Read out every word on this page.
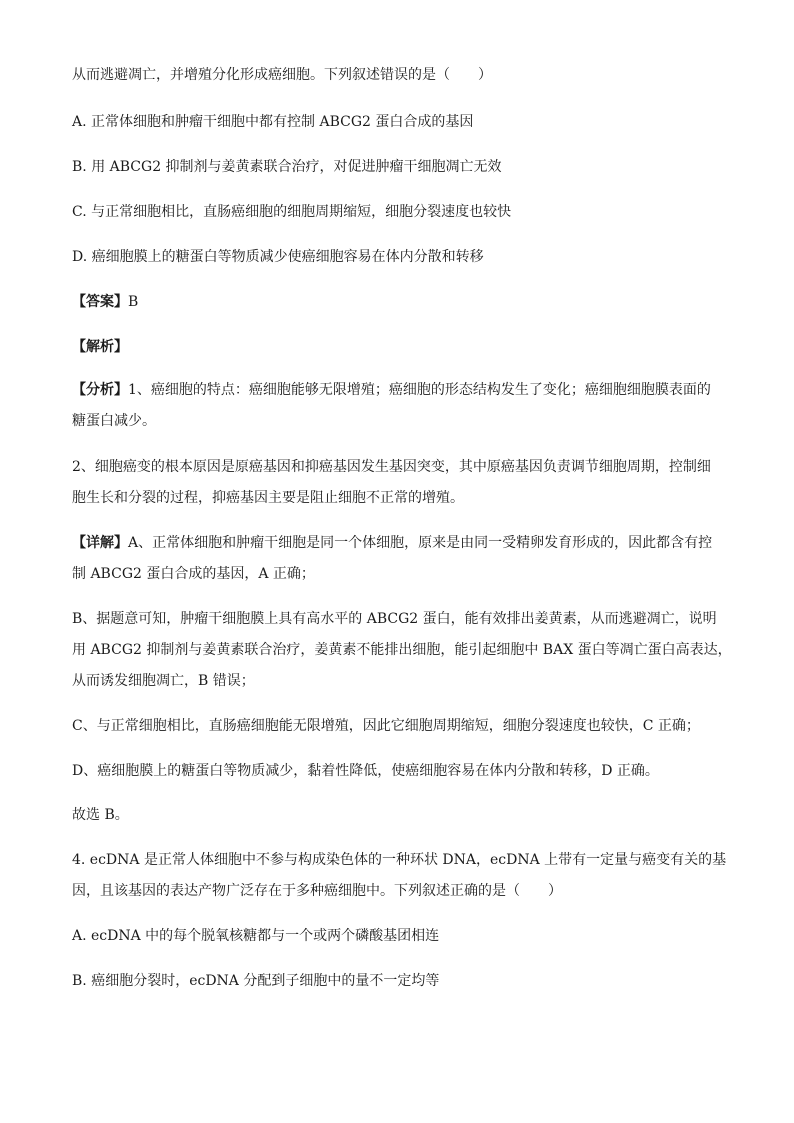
从而逃避凋亡，并增殖分化形成癌细胞。下列叙述错误的是（　　）
A. 正常体细胞和肿瘤干细胞中都有控制 ABCG2 蛋白合成的基因
B. 用 ABCG2 抑制剂与姜黄素联合治疗，对促进肿瘤干细胞凋亡无效
C. 与正常细胞相比，直肠癌细胞的细胞周期缩短，细胞分裂速度也较快
D. 癌细胞膜上的糖蛋白等物质减少使癌细胞容易在体内分散和转移
【答案】B
【解析】
【分析】1、癌细胞的特点：癌细胞能够无限增殖；癌细胞的形态结构发生了变化；癌细胞细胞膜表面的
糖蛋白减少。
2、细胞癌变的根本原因是原癌基因和抑癌基因发生基因突变，其中原癌基因负责调节细胞周期，控制细
胞生长和分裂的过程，抑癌基因主要是阻止细胞不正常的增殖。
【详解】A、正常体细胞和肿瘤干细胞是同一个体细胞，原来是由同一受精卵发育形成的，因此都含有控
制 ABCG2 蛋白合成的基因，A 正确；
B、据题意可知，肿瘤干细胞膜上具有高水平的 ABCG2 蛋白，能有效排出姜黄素，从而逃避凋亡，说明
用 ABCG2 抑制剂与姜黄素联合治疗，姜黄素不能排出细胞，能引起细胞中 BAX 蛋白等凋亡蛋白高表达，
从而诱发细胞凋亡，B 错误；
C、与正常细胞相比，直肠癌细胞能无限增殖，因此它细胞周期缩短，细胞分裂速度也较快，C 正确；
D、癌细胞膜上的糖蛋白等物质减少，黏着性降低，使癌细胞容易在体内分散和转移，D 正确。
故选 B。
4. ecDNA 是正常人体细胞中不参与构成染色体的一种环状 DNA，ecDNA 上带有一定量与癌变有关的基
因，且该基因的表达产物广泛存在于多种癌细胞中。下列叙述正确的是（　　）
A. ecDNA 中的每个脱氧核糖都与一个或两个磷酸基团相连
B. 癌细胞分裂时，ecDNA 分配到子细胞中的量不一定均等
